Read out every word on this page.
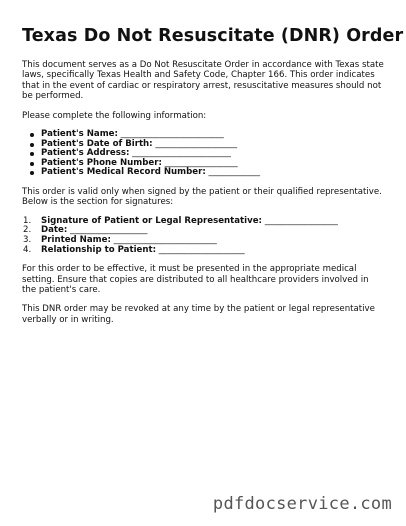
Texas Do Not Resuscitate (DNR) Order

This document serves as a Do Not Resuscitate Order in accordance with Texas state laws, specifically Texas Health and Safety Code, Chapter 166. This order indicates that in the event of cardiac or respiratory arrest, resuscitative measures should not be performed.

Please complete the following information:

Patient's Name: ________________________
Patient's Date of Birth: ___________________
Patient's Address: _______________________
Patient's Phone Number: _________________
Patient's Medical Record Number: ____________

This order is valid only when signed by the patient or their qualified representative. Below is the section for signatures:

1. Signature of Patient or Legal Representative: _________________
2. Date: __________________
3. Printed Name: ________________________
4. Relationship to Patient: ____________________

For this order to be effective, it must be presented in the appropriate medical setting. Ensure that copies are distributed to all healthcare providers involved in the patient's care.

This DNR order may be revoked at any time by the patient or legal representative verbally or in writing.

pdfdocservice.com
